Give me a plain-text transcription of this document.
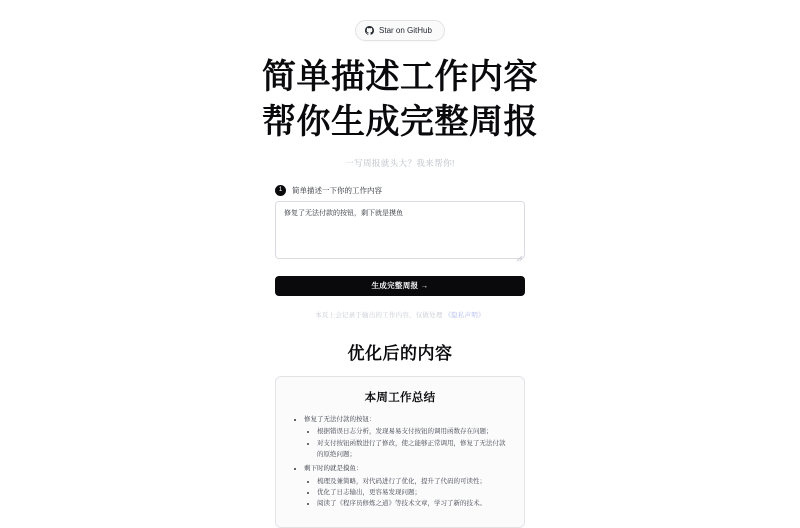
Star on GitHub
简单描述工作内容
帮你生成完整周报
一写周报就头大？我来帮你!
1	简单描述一下你的工作内容
修复了无法付款的按钮，剩下就是摸鱼
生成完整周报 →
本页上会记录于输出的工作内容，仅做处理 《隐私声明》
优化后的内容
本周工作总结
• 修复了无法付款的按钮：
• 根据错误日志分析，发现易易支付按钮的调用函数存在问题；
• 对支付按钮函数进行了修改，使之能够正常调用，修复了无法付款的原绝问题；
• 剩下时的就是摸鱼：
• 梳理及兼简略，对代码进行了优化，提升了代码的可读性；
• 优化了日志输出，更容易发现问题；
• 阅读了《程序员修炼之道》等技术文章，学习了新的技术。
